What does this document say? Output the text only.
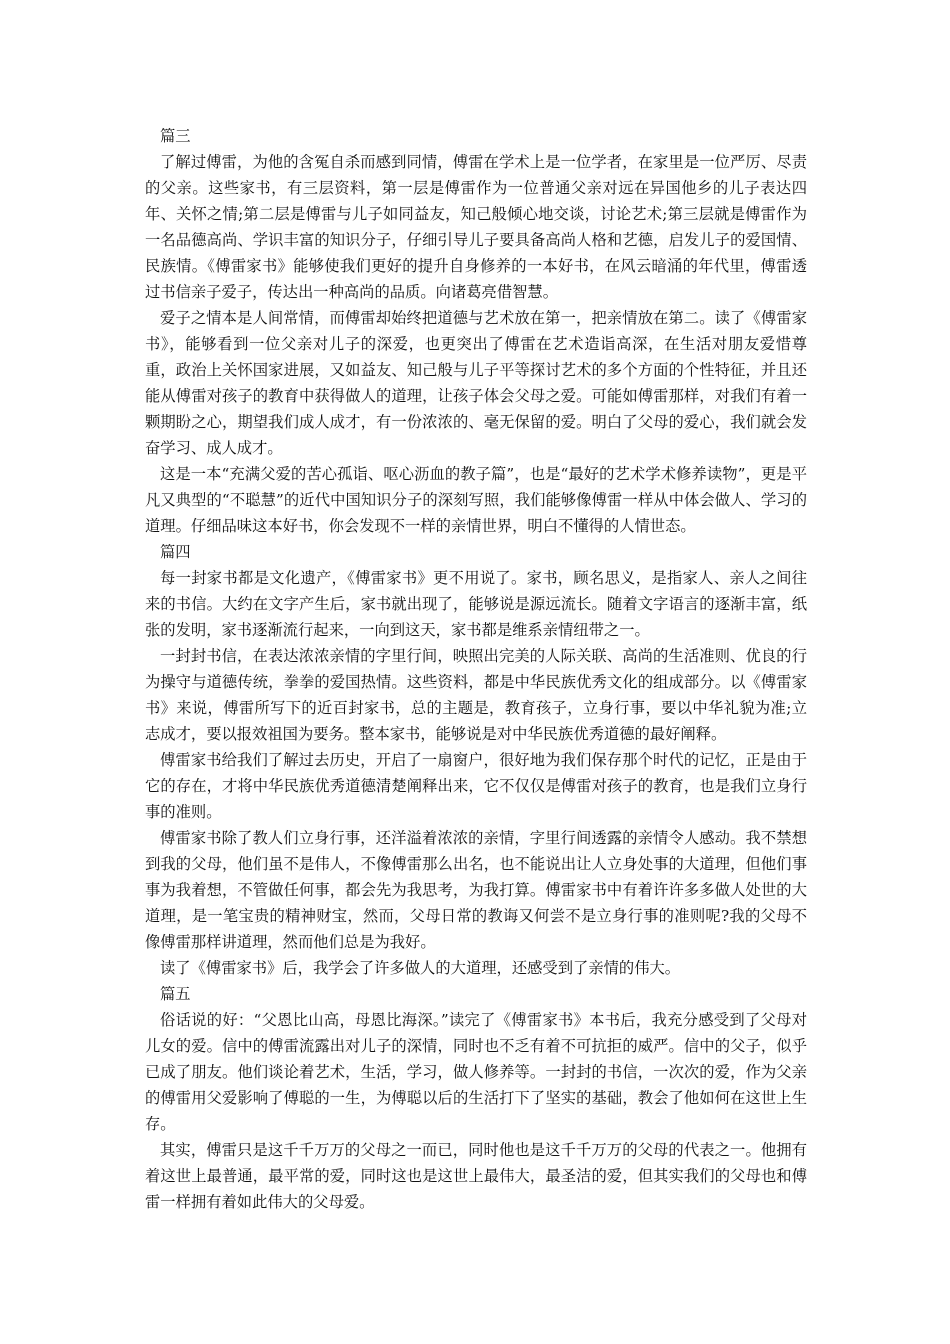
篇三

了解过傅雷，为他的含冤自杀而感到同情，傅雷在学术上是一位学者，在家里是一位严厉、尽责的父亲。这些家书，有三层资料，第一层是傅雷作为一位普通父亲对远在异国他乡的儿子表达四年、关怀之情;第二层是傅雷与儿子如同益友，知己般倾心地交谈，讨论艺术;第三层就是傅雷作为一名品德高尚、学识丰富的知识分子，仔细引导儿子要具备高尚人格和艺德，启发儿子的爱国情、民族情。《傅雷家书》能够使我们更好的提升自身修养的一本好书，在风云暗涌的年代里，傅雷透过书信亲子爱子，传达出一种高尚的品质。向诸葛亮借智慧。

爱子之情本是人间常情，而傅雷却始终把道德与艺术放在第一，把亲情放在第二。读了《傅雷家书》，能够看到一位父亲对儿子的深爱，也更突出了傅雷在艺术造诣高深，在生活对朋友爱惜尊重，政治上关怀国家进展，又如益友、知己般与儿子平等探讨艺术的多个方面的个性特征，并且还能从傅雷对孩子的教育中获得做人的道理，让孩子体会父母之爱。可能如傅雷那样，对我们有着一颗期盼之心，期望我们成人成才，有一份浓浓的、毫无保留的爱。明白了父母的爱心，我们就会发奋学习、成人成才。

这是一本“充满父爱的苦心孤诣、呕心沥血的教子篇”，也是“最好的艺术学术修养读物”，更是平凡又典型的“不聪慧”的近代中国知识分子的深刻写照，我们能够像傅雷一样从中体会做人、学习的道理。仔细品味这本好书，你会发现不一样的亲情世界，明白不懂得的人情世态。

篇四

每一封家书都是文化遗产，《傅雷家书》更不用说了。家书，顾名思义，是指家人、亲人之间往来的书信。大约在文字产生后，家书就出现了，能够说是源远流长。随着文字语言的逐渐丰富，纸张的发明，家书逐渐流行起来，一向到这天，家书都是维系亲情纽带之一。

一封封书信，在表达浓浓亲情的字里行间，映照出完美的人际关联、高尚的生活准则、优良的行为操守与道德传统，拳拳的爱国热情。这些资料，都是中华民族优秀文化的组成部分。以《傅雷家书》来说，傅雷所写下的近百封家书，总的主题是，教育孩子，立身行事，要以中华礼貌为准;立志成才，要以报效祖国为要务。整本家书，能够说是对中华民族优秀道德的最好阐释。

傅雷家书给我们了解过去历史，开启了一扇窗户，很好地为我们保存那个时代的记忆，正是由于它的存在，才将中华民族优秀道德清楚阐释出来，它不仅仅是傅雷对孩子的教育，也是我们立身行事的准则。

傅雷家书除了教人们立身行事，还洋溢着浓浓的亲情，字里行间透露的亲情令人感动。我不禁想到我的父母，他们虽不是伟人，不像傅雷那么出名，也不能说出让人立身处事的大道理，但他们事事为我着想，不管做任何事，都会先为我思考，为我打算。傅雷家书中有着许许多多做人处世的大道理，是一笔宝贵的精神财宝，然而，父母日常的教诲又何尝不是立身行事的准则呢?我的父母不像傅雷那样讲道理，然而他们总是为我好。

读了《傅雷家书》后，我学会了许多做人的大道理，还感受到了亲情的伟大。

篇五

俗话说的好：“父恩比山高，母恩比海深。”读完了《傅雷家书》本书后，我充分感受到了父母对儿女的爱。信中的傅雷流露出对儿子的深情，同时也不乏有着不可抗拒的威严。信中的父子，似乎已成了朋友。他们谈论着艺术，生活，学习，做人修养等。一封封的书信，一次次的爱，作为父亲的傅雷用父爱影响了傅聪的一生，为傅聪以后的生活打下了坚实的基础，教会了他如何在这世上生存。

其实，傅雷只是这千千万万的父母之一而已，同时他也是这千千万万的父母的代表之一。他拥有着这世上最普通，最平常的爱，同时这也是这世上最伟大，最圣洁的爱，但其实我们的父母也和傅雷一样拥有着如此伟大的父母爱。
